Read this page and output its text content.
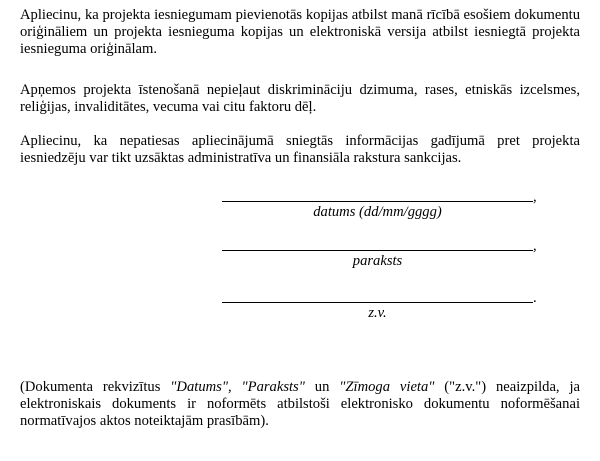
Apliecinu, ka projekta iesniegumam pievienotās kopijas atbilst manā rīcībā esošiem dokumentu oriģināliem un projekta iesnieguma kopijas un elektroniskā versija atbilst iesniegtā projekta iesnieguma oriģinālam.

Apņemos projekta īstenošanā nepieļaut diskrimināciju dzimuma, rases, etniskās izcelsmes, reliģijas, invaliditātes, vecuma vai citu faktoru dēļ.

Apliecinu, ka nepatiesas apliecinājumā sniegtās informācijas gadījumā pret projekta iesniedzēju var tikt uzsāktas administratīva un finansiāla rakstura sankcijas.

,
datums (dd/mm/gggg)
,
paraksts
.
z.v.

(Dokumenta rekvizītus "Datums", "Paraksts" un "Zīmoga vieta" ("z.v.") neaizpilda, ja elektroniskais dokuments ir noformēts atbilstoši elektronisko dokumentu noformēšanai normatīvajos aktos noteiktajām prasībām).
